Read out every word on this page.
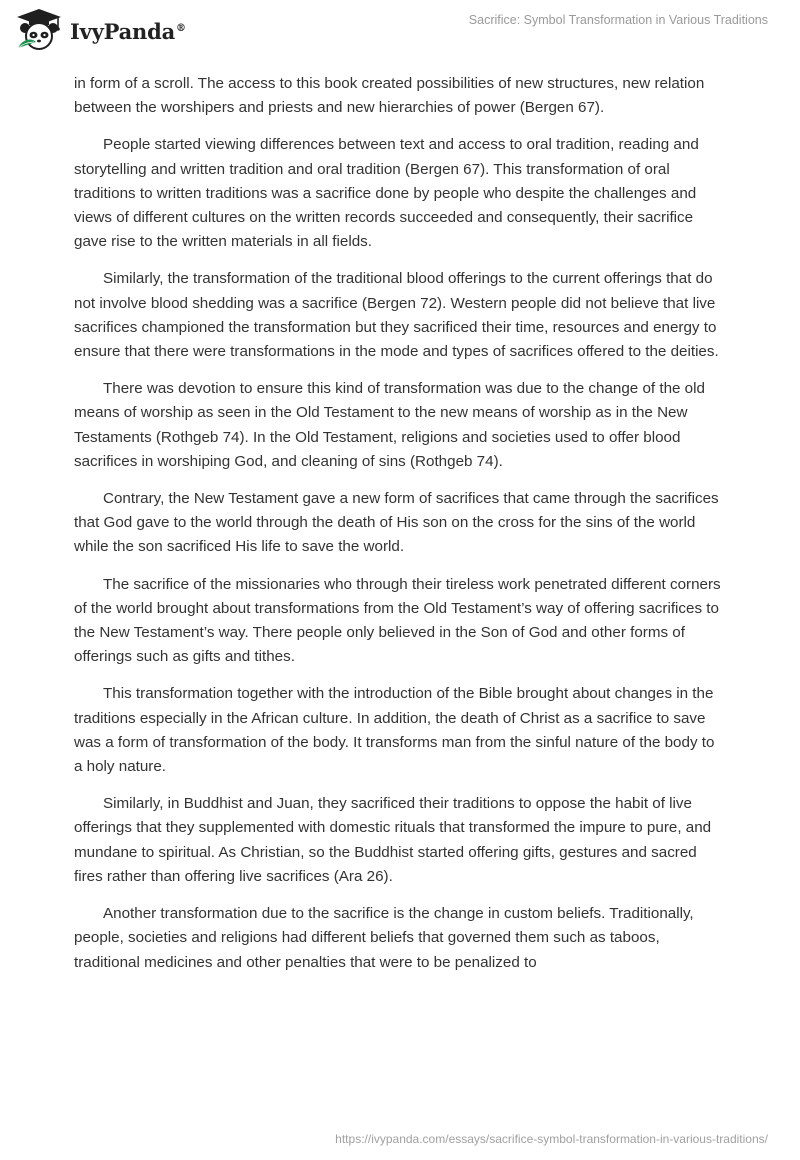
IvyPanda®
Sacrifice: Symbol Transformation in Various Traditions

in form of a scroll. The access to this book created possibilities of new structures, new relation between the worshipers and priests and new hierarchies of power (Bergen 67).

People started viewing differences between text and access to oral tradition, reading and storytelling and written tradition and oral tradition (Bergen 67). This transformation of oral traditions to written traditions was a sacrifice done by people who despite the challenges and views of different cultures on the written records succeeded and consequently, their sacrifice gave rise to the written materials in all fields.

Similarly, the transformation of the traditional blood offerings to the current offerings that do not involve blood shedding was a sacrifice (Bergen 72). Western people did not believe that live sacrifices championed the transformation but they sacrificed their time, resources and energy to ensure that there were transformations in the mode and types of sacrifices offered to the deities.

There was devotion to ensure this kind of transformation was due to the change of the old means of worship as seen in the Old Testament to the new means of worship as in the New Testaments (Rothgeb 74). In the Old Testament, religions and societies used to offer blood sacrifices in worshiping God, and cleaning of sins (Rothgeb 74).

Contrary, the New Testament gave a new form of sacrifices that came through the sacrifices that God gave to the world through the death of His son on the cross for the sins of the world while the son sacrificed His life to save the world.

The sacrifice of the missionaries who through their tireless work penetrated different corners of the world brought about transformations from the Old Testament’s way of offering sacrifices to the New Testament’s way. There people only believed in the Son of God and other forms of offerings such as gifts and tithes.

This transformation together with the introduction of the Bible brought about changes in the traditions especially in the African culture. In addition, the death of Christ as a sacrifice to save was a form of transformation of the body. It transforms man from the sinful nature of the body to a holy nature.

Similarly, in Buddhist and Juan, they sacrificed their traditions to oppose the habit of live offerings that they supplemented with domestic rituals that transformed the impure to pure, and mundane to spiritual. As Christian, so the Buddhist started offering gifts, gestures and sacred fires rather than offering live sacrifices (Ara 26).

Another transformation due to the sacrifice is the change in custom beliefs. Traditionally, people, societies and religions had different beliefs that governed them such as taboos, traditional medicines and other penalties that were to be penalized to

https://ivypanda.com/essays/sacrifice-symbol-transformation-in-various-traditions/
